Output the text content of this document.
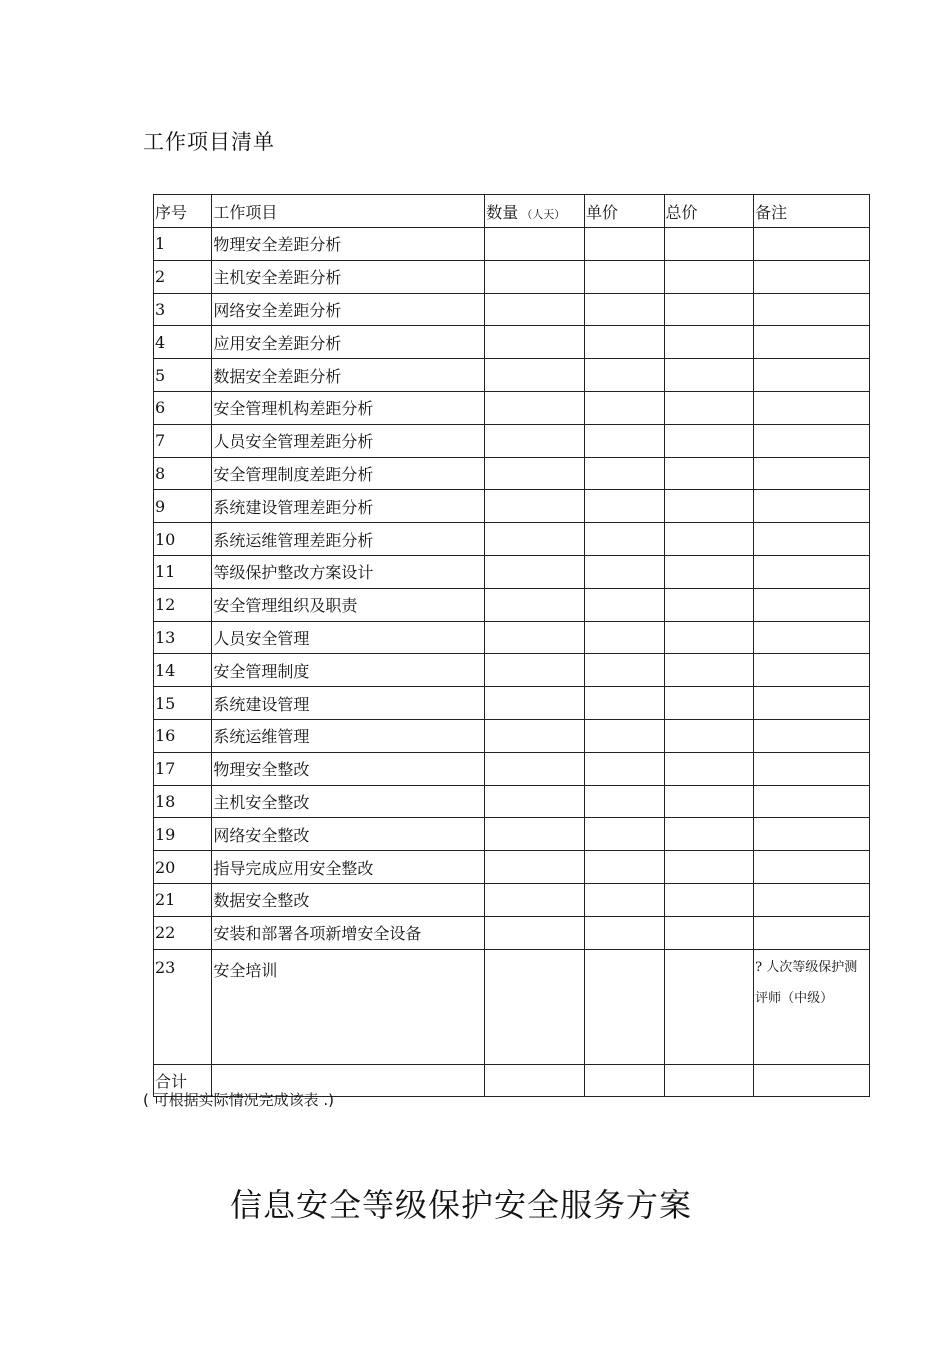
工作项目清单
序号	工作项目	数量 （人天）	单价	总价	备注
1	物理安全差距分析				
2	主机安全差距分析				
3	网络安全差距分析				
4	应用安全差距分析				
5	数据安全差距分析				
6	安全管理机构差距分析				
7	人员安全管理差距分析				
8	安全管理制度差距分析				
9	系统建设管理差距分析				
10	系统运维管理差距分析				
11	等级保护整改方案设计				
12	安全管理组织及职责				
13	人员安全管理				
14	安全管理制度				
15	系统建设管理				
16	系统运维管理				
17	物理安全整改				
18	主机安全整改				
19	网络安全整改				
20	指导完成应用安全整改				
21	数据安全整改				
22	安装和部署各项新增安全设备				
23	安全培训				? 人次等级保护测评师（中级）
合计					
( 可根据实际情况完成该表 .)
信息安全等级保护安全服务方案
